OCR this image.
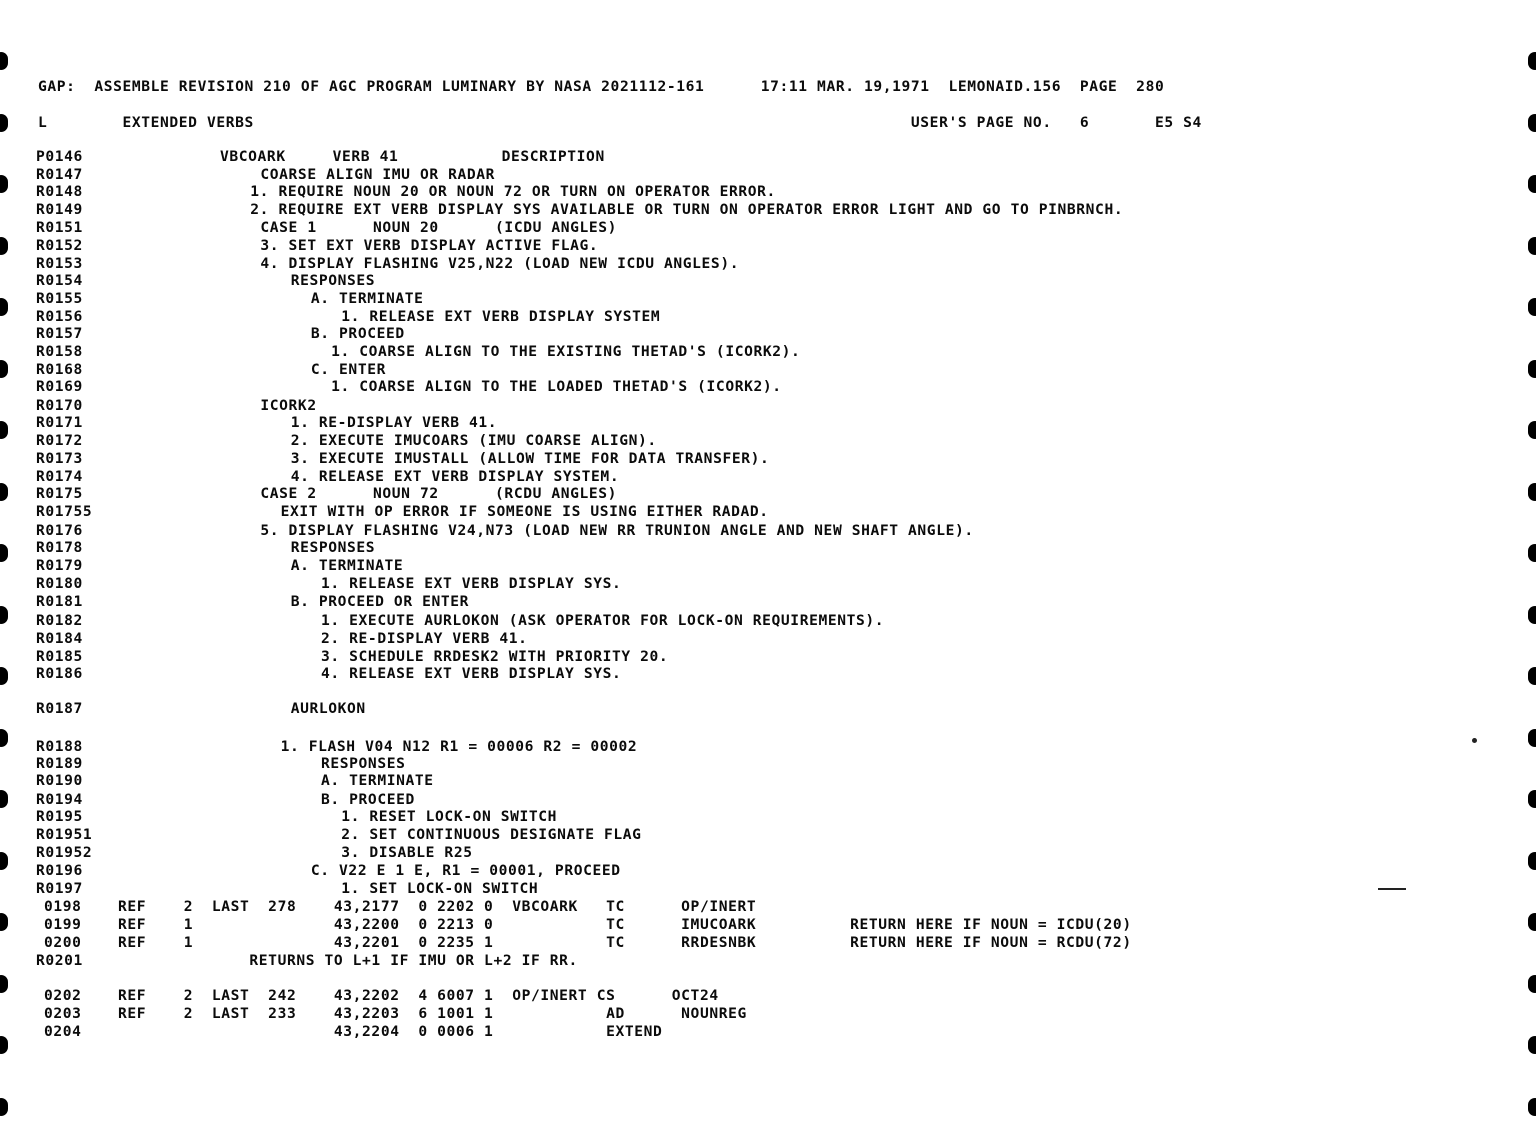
GAP:  ASSEMBLE REVISION 210 OF AGC PROGRAM LUMINARY BY NASA 2021112-161      17:11 MAR. 19,1971  LEMONAID.156  PAGE  280
L        EXTENDED VERBS                                                                      USER'S PAGE NO.   6       E5 S4
P0146	VBCOARK     VERB 41           DESCRIPTION
R0147	COARSE ALIGN IMU OR RADAR
R0148	1. REQUIRE NOUN 20 OR NOUN 72 OR TURN ON OPERATOR ERROR.
R0149	2. REQUIRE EXT VERB DISPLAY SYS AVAILABLE OR TURN ON OPERATOR ERROR LIGHT AND GO TO PINBRNCH.
R0151	CASE 1      NOUN 20      (ICDU ANGLES)
R0152	3. SET EXT VERB DISPLAY ACTIVE FLAG.
R0153	4. DISPLAY FLASHING V25,N22 (LOAD NEW ICDU ANGLES).
R0154	RESPONSES
R0155	A. TERMINATE
R0156	1. RELEASE EXT VERB DISPLAY SYSTEM
R0157	B. PROCEED
R0158	1. COARSE ALIGN TO THE EXISTING THETAD'S (ICORK2).
R0168	C. ENTER
R0169	1. COARSE ALIGN TO THE LOADED THETAD'S (ICORK2).
R0170	ICORK2
R0171	1. RE-DISPLAY VERB 41.
R0172	2. EXECUTE IMUCOARS (IMU COARSE ALIGN).
R0173	3. EXECUTE IMUSTALL (ALLOW TIME FOR DATA TRANSFER).
R0174	4. RELEASE EXT VERB DISPLAY SYSTEM.
R0175	CASE 2      NOUN 72      (RCDU ANGLES)
R01755	EXIT WITH OP ERROR IF SOMEONE IS USING EITHER RADAD.
R0176	5. DISPLAY FLASHING V24,N73 (LOAD NEW RR TRUNION ANGLE AND NEW SHAFT ANGLE).
R0178	RESPONSES
R0179	A. TERMINATE
R0180	1. RELEASE EXT VERB DISPLAY SYS.
R0181	B. PROCEED OR ENTER
R0182	1. EXECUTE AURLOKON (ASK OPERATOR FOR LOCK-ON REQUIREMENTS).
R0184	2. RE-DISPLAY VERB 41.
R0185	3. SCHEDULE RRDESK2 WITH PRIORITY 20.
R0186	4. RELEASE EXT VERB DISPLAY SYS.
R0187	AURLOKON
R0188	1. FLASH V04 N12 R1 = 00006 R2 = 00002
R0189	RESPONSES
R0190	A. TERMINATE
R0194	B. PROCEED
R0195	1. RESET LOCK-ON SWITCH
R01951	2. SET CONTINUOUS DESIGNATE FLAG
R01952	3. DISABLE R25
R0196	C. V22 E 1 E, R1 = 00001, PROCEED
R0197	1. SET LOCK-ON SWITCH
0198 REF    2  LAST  278    43,2177  0 2202 0  VBCOARK   TC      OP/INERT
0199 REF    1               43,2200  0 2213 0            TC      IMUCOARK          RETURN HERE IF NOUN = ICDU(20)
0200 REF    1               43,2201  0 2235 1            TC      RRDESNBK          RETURN HERE IF NOUN = RCDU(72)
R0201 RETURNS TO L+1 IF IMU OR L+2 IF RR.
0202 REF    2  LAST  242    43,2202  4 6007 1  OP/INERT CS      OCT24
0203 REF    2  LAST  233    43,2203  6 1001 1            AD      NOUNREG
0204 43,2204  0 0006 1            EXTEND
